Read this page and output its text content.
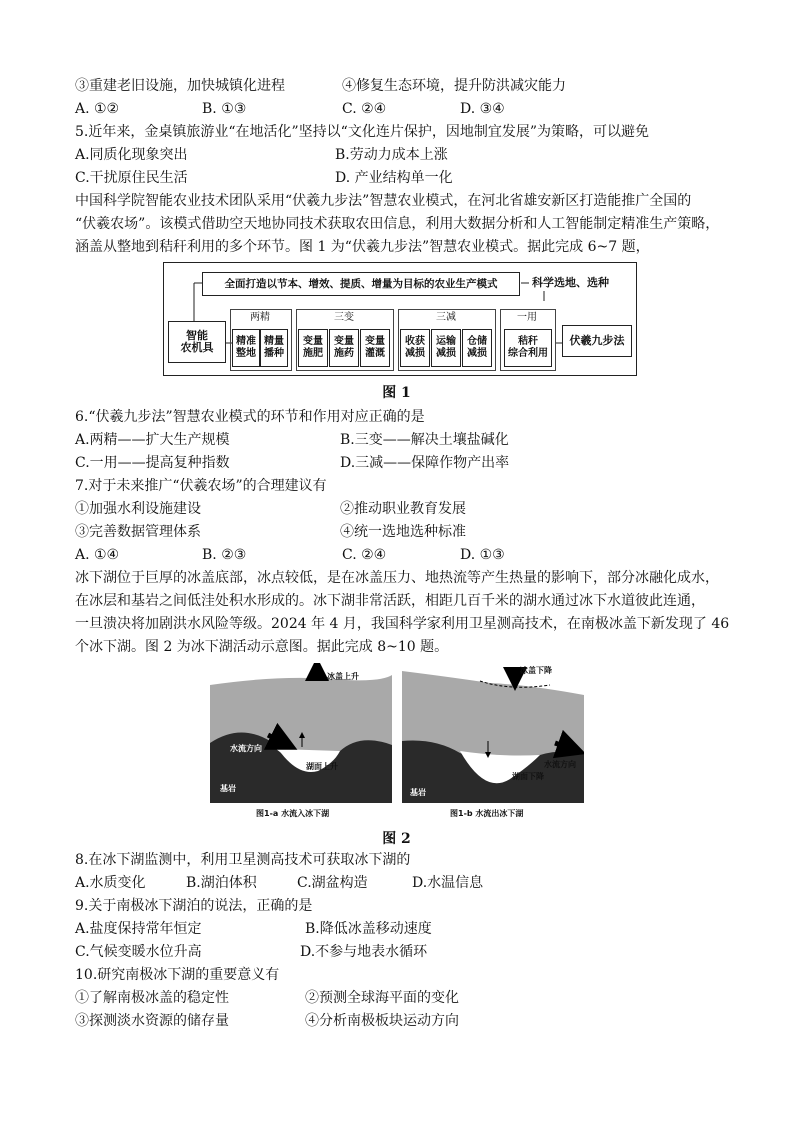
③重建老旧设施，加快城镇化进程	④修复生态环境，提升防洪减灾能力
A. ①②	B. ①③	C. ②④	D. ③④
5.近年来，金桌镇旅游业“在地活化”坚持以“文化连片保护，因地制宜发展”为策略，可以避免
A.同质化现象突出	B.劳动力成本上涨
C.干扰原住民生活	D. 产业结构单一化
中国科学院智能农业技术团队采用“伏羲九步法”智慧农业模式，在河北省雄安新区打造能推广全国的
“伏羲农场”。该模式借助空天地协同技术获取农田信息，利用大数据分析和人工智能制定精准生产策略，
涵盖从整地到秸秆利用的多个环节。图 1 为“伏羲九步法”智慧农业模式。据此完成 6~7 题，
全面打造以节本、增效、提质、增量为目标的农业生产模式	科学选地、选种
智能
农机具
伏羲九步法
两精
精准
整地
精量
播种
三变
变量
施肥
变量
施药
变量
灌溉
三减
收获
减损
运输
减损
仓储
减损
一用
秸秆
综合利用
图 1
6.“伏羲九步法”智慧农业模式的环节和作用对应正确的是
A.两精——扩大生产规模	B.三变——解决土壤盐碱化
C.一用——提高复种指数	D.三减——保障作物产出率
7.对于未来推广“伏羲农场”的合理建议有
①加强水利设施建设	②推动职业教育发展
③完善数据管理体系	④统一选地选种标准
A. ①④	B. ②③	C. ②④	D. ①③
冰下湖位于巨厚的冰盖底部，冰点较低，是在冰盖压力、地热流等产生热量的影响下，部分冰融化成水，
在冰层和基岩之间低洼处积水形成的。冰下湖非常活跃，相距几百千米的湖水通过冰下水道彼此连通，
一旦溃决将加剧洪水风险等级。2024 年 4 月，我国科学家利用卫星测高技术，在南极冰盖下新发现了 46
个冰下湖。图 2 为冰下湖活动示意图。据此完成 8~10 题。
冰盖上升
水流方向
湖面上升
基岩
图1-a 水流入冰下湖
冰盖下降
水流方向
湖面下降
基岩
图1-b 水流出冰下湖
图 2
8.在冰下湖监测中，利用卫星测高技术可获取冰下湖的
A.水质变化	B.湖泊体积	C.湖盆构造	D.水温信息
9.关于南极冰下湖泊的说法，正确的是
A.盐度保持常年恒定	B.降低冰盖移动速度
C.气候变暖水位升高	D.不参与地表水循环
10.研究南极冰下湖的重要意义有
①了解南极冰盖的稳定性	②预测全球海平面的变化
③探测淡水资源的储存量	④分析南极板块运动方向
